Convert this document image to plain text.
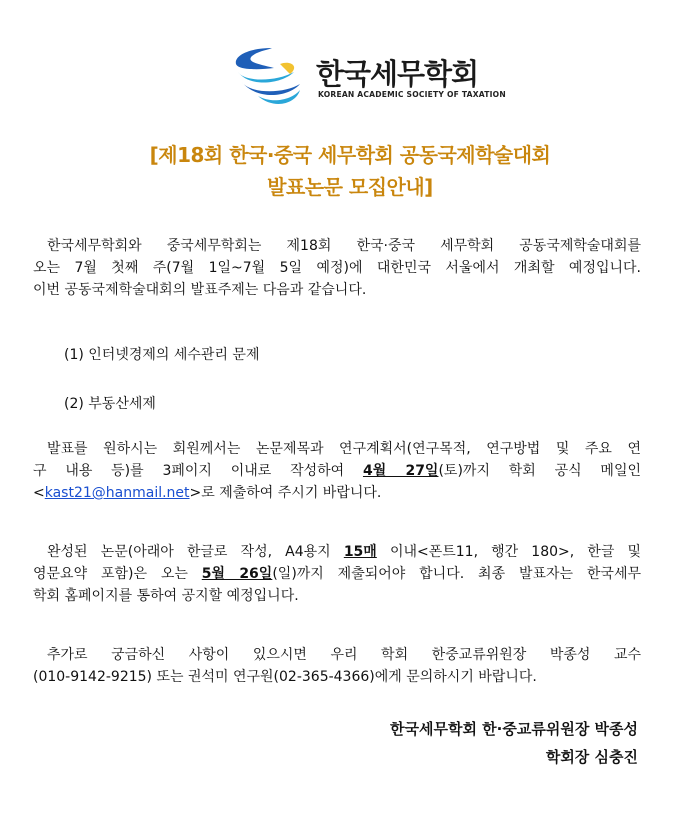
한국세무학회
KOREAN ACADEMIC SOCIETY OF TAXATION
[제18회 한국·중국 세무학회 공동국제학술대회
발표논문 모집안내]
한국세무학회와 중국세무학회는 제18회 한국·중국 세무학회 공동국제학술대회를
오는 7월 첫째 주(7월 1일~7월 5일 예정)에 대한민국 서울에서 개최할 예정입니다.
이번 공동국제학술대회의 발표주제는 다음과 같습니다.
(1) 인터넷경제의 세수관리 문제
(2) 부동산세제
발표를 원하시는 회원께서는 논문제목과 연구계획서(연구목적, 연구방법 및 주요 연
구 내용 등)를 3페이지 이내로 작성하여 4월 27일(토)까지 학회 공식 메일인
<kast21@hanmail.net>로 제출하여 주시기 바랍니다.
완성된 논문(아래아 한글로 작성, A4용지 15매 이내<폰트11, 행간 180>, 한글 및
영문요약 포함)은 오는 5월 26일(일)까지 제출되어야 합니다. 최종 발표자는 한국세무
학회 홈페이지를 통하여 공지할 예정입니다.
추가로 궁금하신 사항이 있으시면 우리 학회 한중교류위원장 박종성 교수
(010-9142-9215) 또는 권석미 연구원(02-365-4366)에게 문의하시기 바랍니다.
한국세무학회 한·중교류위원장 박종성
학회장 심충진
